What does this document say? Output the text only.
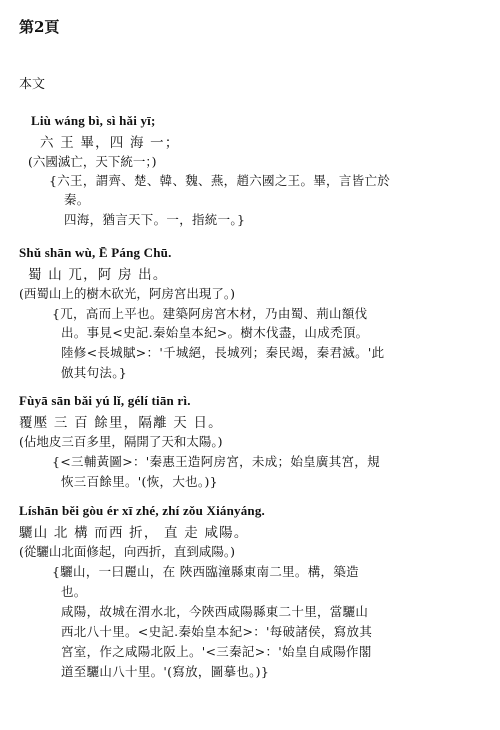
第2頁
本文
Liù wáng bì, sì hǎi yī;
六 王 畢，四 海 一；
(六國滅亡，天下統一；)
{六王，謂齊、楚、韓、魏、燕，趙六國之王。畢，言皆亡於
秦。
四海，猶言天下。一，指統一。}
Shǔ shān wù, Ē Páng Chū.
蜀 山 兀，阿 房 出。
(西蜀山上的樹木砍光，阿房宮出現了。)
{兀，高而上平也。建築阿房宮木材，乃由蜀、荊山額伐
出。事見<史記.秦始皇本紀>。樹木伐盡，山成禿頂。
陸修<長城賦>：'千城絕，長城列；秦民竭，秦君滅。'此
倣其句法。}
Fùyā sān bǎi yú lǐ, gélí tiān rì.
覆壓 三 百 餘里，隔離 天 日。
(佔地皮三百多里，隔開了天和太陽。)
{<三輔黃圖>：'秦惠王造阿房宮，未成；始皇廣其宮，規
恢三百餘里。'(恢，大也。)}
Líshān běi gòu ér xī zhé, zhí zǒu Xiányáng.
驪山 北 構 而西 折， 直 走 咸陽。
(從驪山北面修起，向西折，直到咸陽。)
{驪山，一曰麗山，在 陜西臨潼縣東南二里。構，築造
也。
咸陽，故城在渭水北，今陜西咸陽縣東二十里，當驪山
西北八十里。<史記.秦始皇本紀>：'每破諸侯，寫放其
宮室，作之咸陽北阪上。'<三秦記>：'始皇自咸陽作閣
道至驪山八十里。'(寫放，圖摹也。)}
